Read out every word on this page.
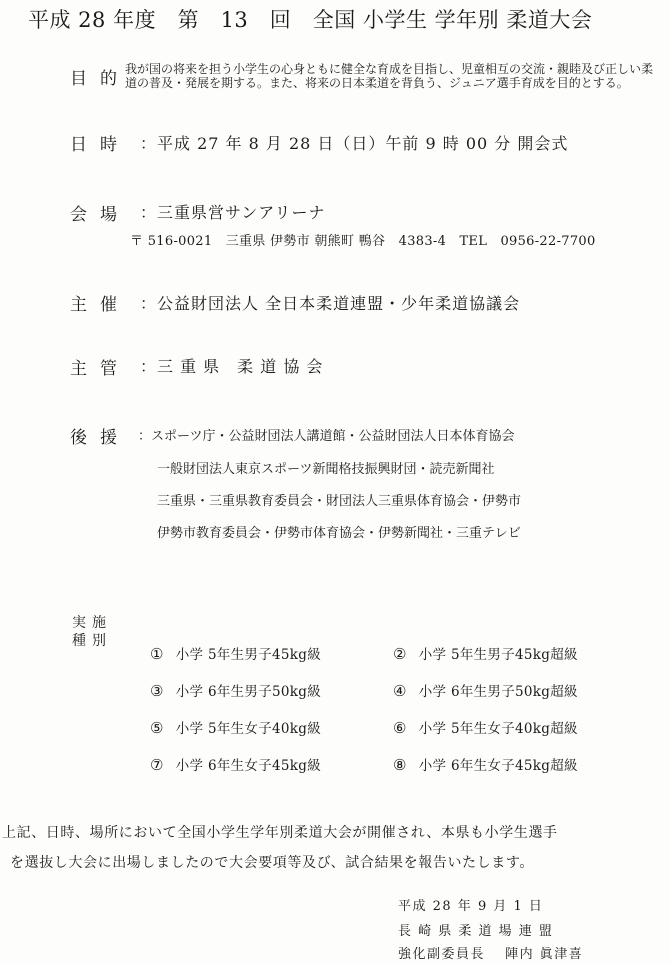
平成 28 年度　第　13　回　全国 小学生 学年別 柔道大会
目的
我が国の将来を担う小学生の心身ともに健全な育成を目指し、児童相互の交流・親睦及び正しい柔道の普及・発展を期する。また、将来の日本柔道を背負う、ジュニア選手育成を目的とする。
日時 ：平成 27 年 8 月 28 日（日）午前 9 時 00 分 開会式
会場 ：三重県営サンアリーナ
〒 516-0021　三重県 伊勢市 朝熊町 鴨谷　4383-4　TEL　0956-22-7700
主催 ：公益財団法人 全日本柔道連盟・少年柔道協議会
主管 ：三 重 県　柔 道 協 会
後援 ：スポーツ庁・公益財団法人講道館・公益財団法人日本体育協会
一般財団法人東京スポーツ新聞格技振興財団・読売新聞社
三重県・三重県教育委員会・財団法人三重県体育協会・伊勢市
伊勢市教育委員会・伊勢市体育協会・伊勢新聞社・三重テレビ
実施
種別
① 小学 5年生男子45kg級	② 小学 5年生男子45kg超級
③ 小学 6年生男子50kg級	④ 小学 6年生男子50kg超級
⑤ 小学 5年生女子40kg級	⑥ 小学 5年生女子40kg超級
⑦ 小学 6年生女子45kg級	⑧ 小学 6年生女子45kg超級
上記、日時、場所において全国小学生学年別柔道大会が開催され、本県も小学生選手
を選抜し大会に出場しましたので大会要項等及び、試合結果を報告いたします。
平成 28 年 9 月 1 日
長 崎 県 柔 道 場 連 盟
強化副委員長　 陣内 眞津喜
